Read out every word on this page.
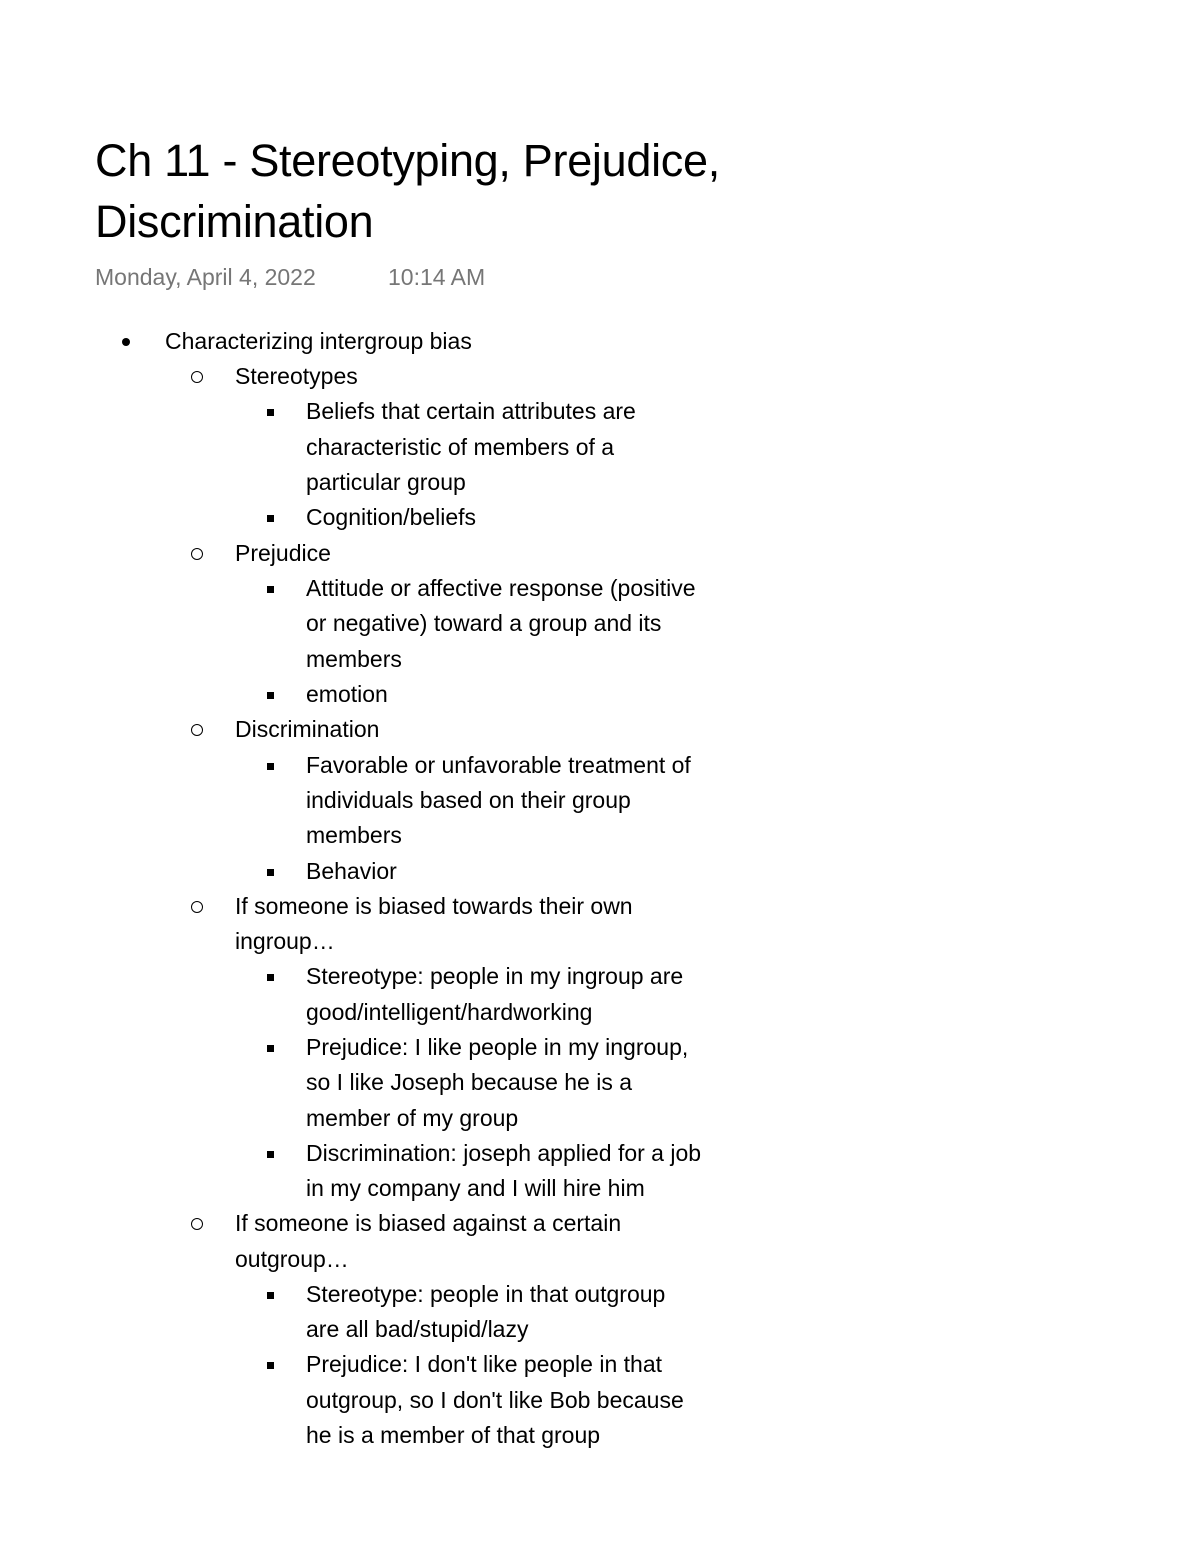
Ch 11 - Stereotyping, Prejudice,
Discrimination
Monday, April 4, 2022	10:14 AM
Characterizing intergroup bias
Stereotypes
Beliefs that certain attributes are
characteristic of members of a
particular group
Cognition/beliefs
Prejudice
Attitude or affective response (positive
or negative) toward a group and its
members
emotion
Discrimination
Favorable or unfavorable treatment of
individuals based on their group
members
Behavior
If someone is biased towards their own
ingroup…
Stereotype: people in my ingroup are
good/intelligent/hardworking
Prejudice: I like people in my ingroup,
so I like Joseph because he is a
member of my group
Discrimination: joseph applied for a job
in my company and I will hire him
If someone is biased against a certain
outgroup…
Stereotype: people in that outgroup
are all bad/stupid/lazy
Prejudice: I don't like people in that
outgroup, so I don't like Bob because
he is a member of that group
